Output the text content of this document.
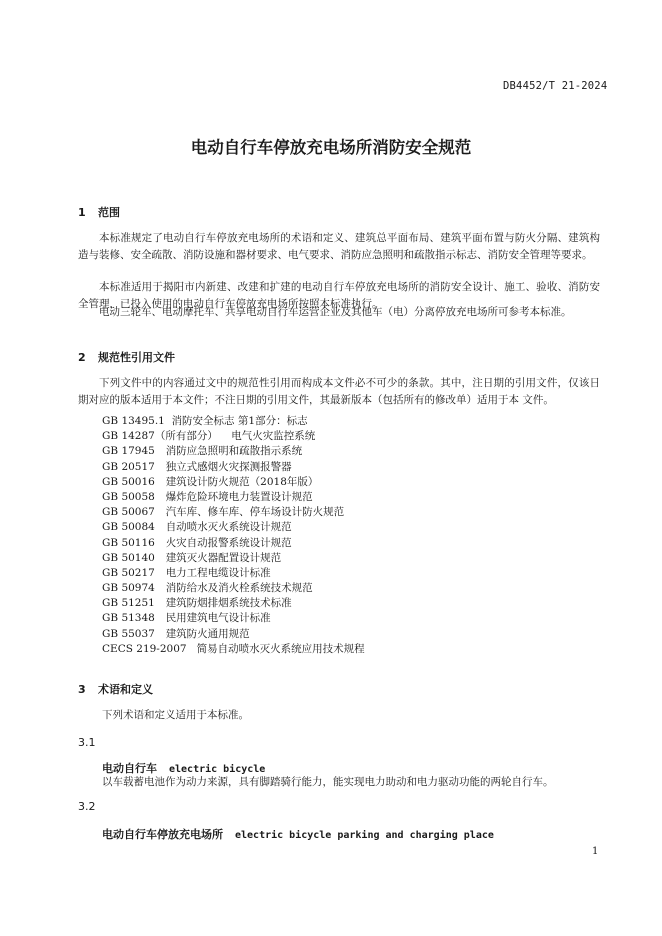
DB4452/T 21-2024
电动自行车停放充电场所消防安全规范
1 范围
本标准规定了电动自行车停放充电场所的术语和定义、建筑总平面布局、建筑平面布置与防火分隔、建筑构造与装修、安全疏散、消防设施和器材要求、电气要求、消防应急照明和疏散指示标志、消防安全管理等要求。
本标准适用于揭阳市内新建、改建和扩建的电动自行车停放充电场所的消防安全设计、施工、验收、消防安全管理，已投入使用的电动自行车停放充电场所按照本标准执行。
电动三轮车、电动摩托车、共享电动自行车运营企业及其他车（电）分离停放充电场所可参考本标准。
2 规范性引用文件
下列文件中的内容通过文中的规范性引用而构成本文件必不可少的条款。其中，注日期的引用文件，仅该日期对应的版本适用于本文件；不注日期的引用文件，其最新版本（包括所有的修改单）适用于本 文件。
GB 13495.1 消防安全标志 第1部分：标志
GB 14287（所有部分） 电气火灾监控系统
GB 17945 消防应急照明和疏散指示系统
GB 20517 独立式感烟火灾探测报警器
GB 50016 建筑设计防火规范（2018年版）
GB 50058 爆炸危险环境电力装置设计规范
GB 50067 汽车库、修车库、停车场设计防火规范
GB 50084 自动喷水灭火系统设计规范
GB 50116 火灾自动报警系统设计规范
GB 50140 建筑灭火器配置设计规范
GB 50217 电力工程电缆设计标准
GB 50974 消防给水及消火栓系统技术规范
GB 51251 建筑防烟排烟系统技术标准
GB 51348 民用建筑电气设计标准
GB 55037 建筑防火通用规范
CECS 219-2007 简易自动喷水灭火系统应用技术规程
3 术语和定义
下列术语和定义适用于本标准。
3.1
电动自行车 electric bicycle
以车载蓄电池作为动力来源，具有脚踏骑行能力，能实现电力助动和电力驱动功能的两轮自行车。
3.2
电动自行车停放充电场所 electric bicycle parking and charging place
1
